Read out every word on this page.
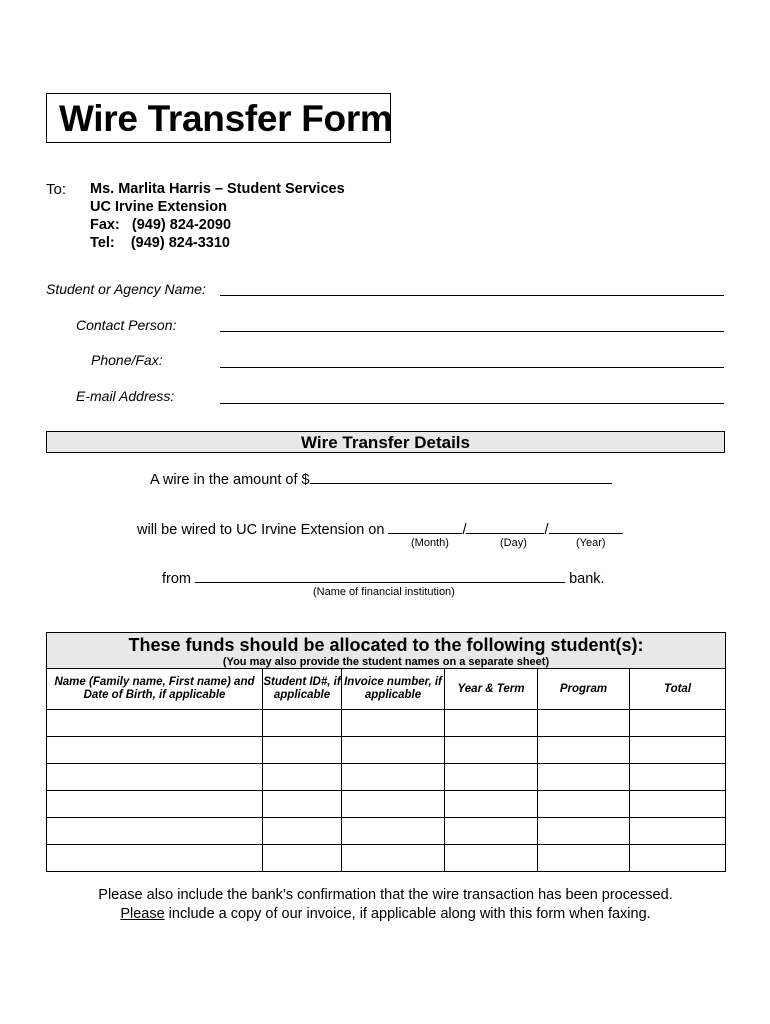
Wire Transfer Form
To: Ms. Marlita Harris – Student Services
UC Irvine Extension
Fax:   (949) 824-2090
Tel:    (949) 824-3310
Student or Agency Name:
Contact Person:
Phone/Fax:
E-mail Address:
Wire Transfer Details
A wire in the amount of $
will be wired to UC Irvine Extension on	/	/
(Month)	(Day)	(Year)
from	bank.
(Name of financial institution)
These funds should be allocated to the following student(s):
(You may also provide the student names on a separate sheet)					

Name (Family name, First name) and Date of Birth, if applicable	Student ID#, if applicable	Invoice number, if applicable	Year & Term	Program	Total

Please also include the bank’s confirmation that the wire transaction has been processed.
Please include a copy of our invoice, if applicable along with this form when faxing.
